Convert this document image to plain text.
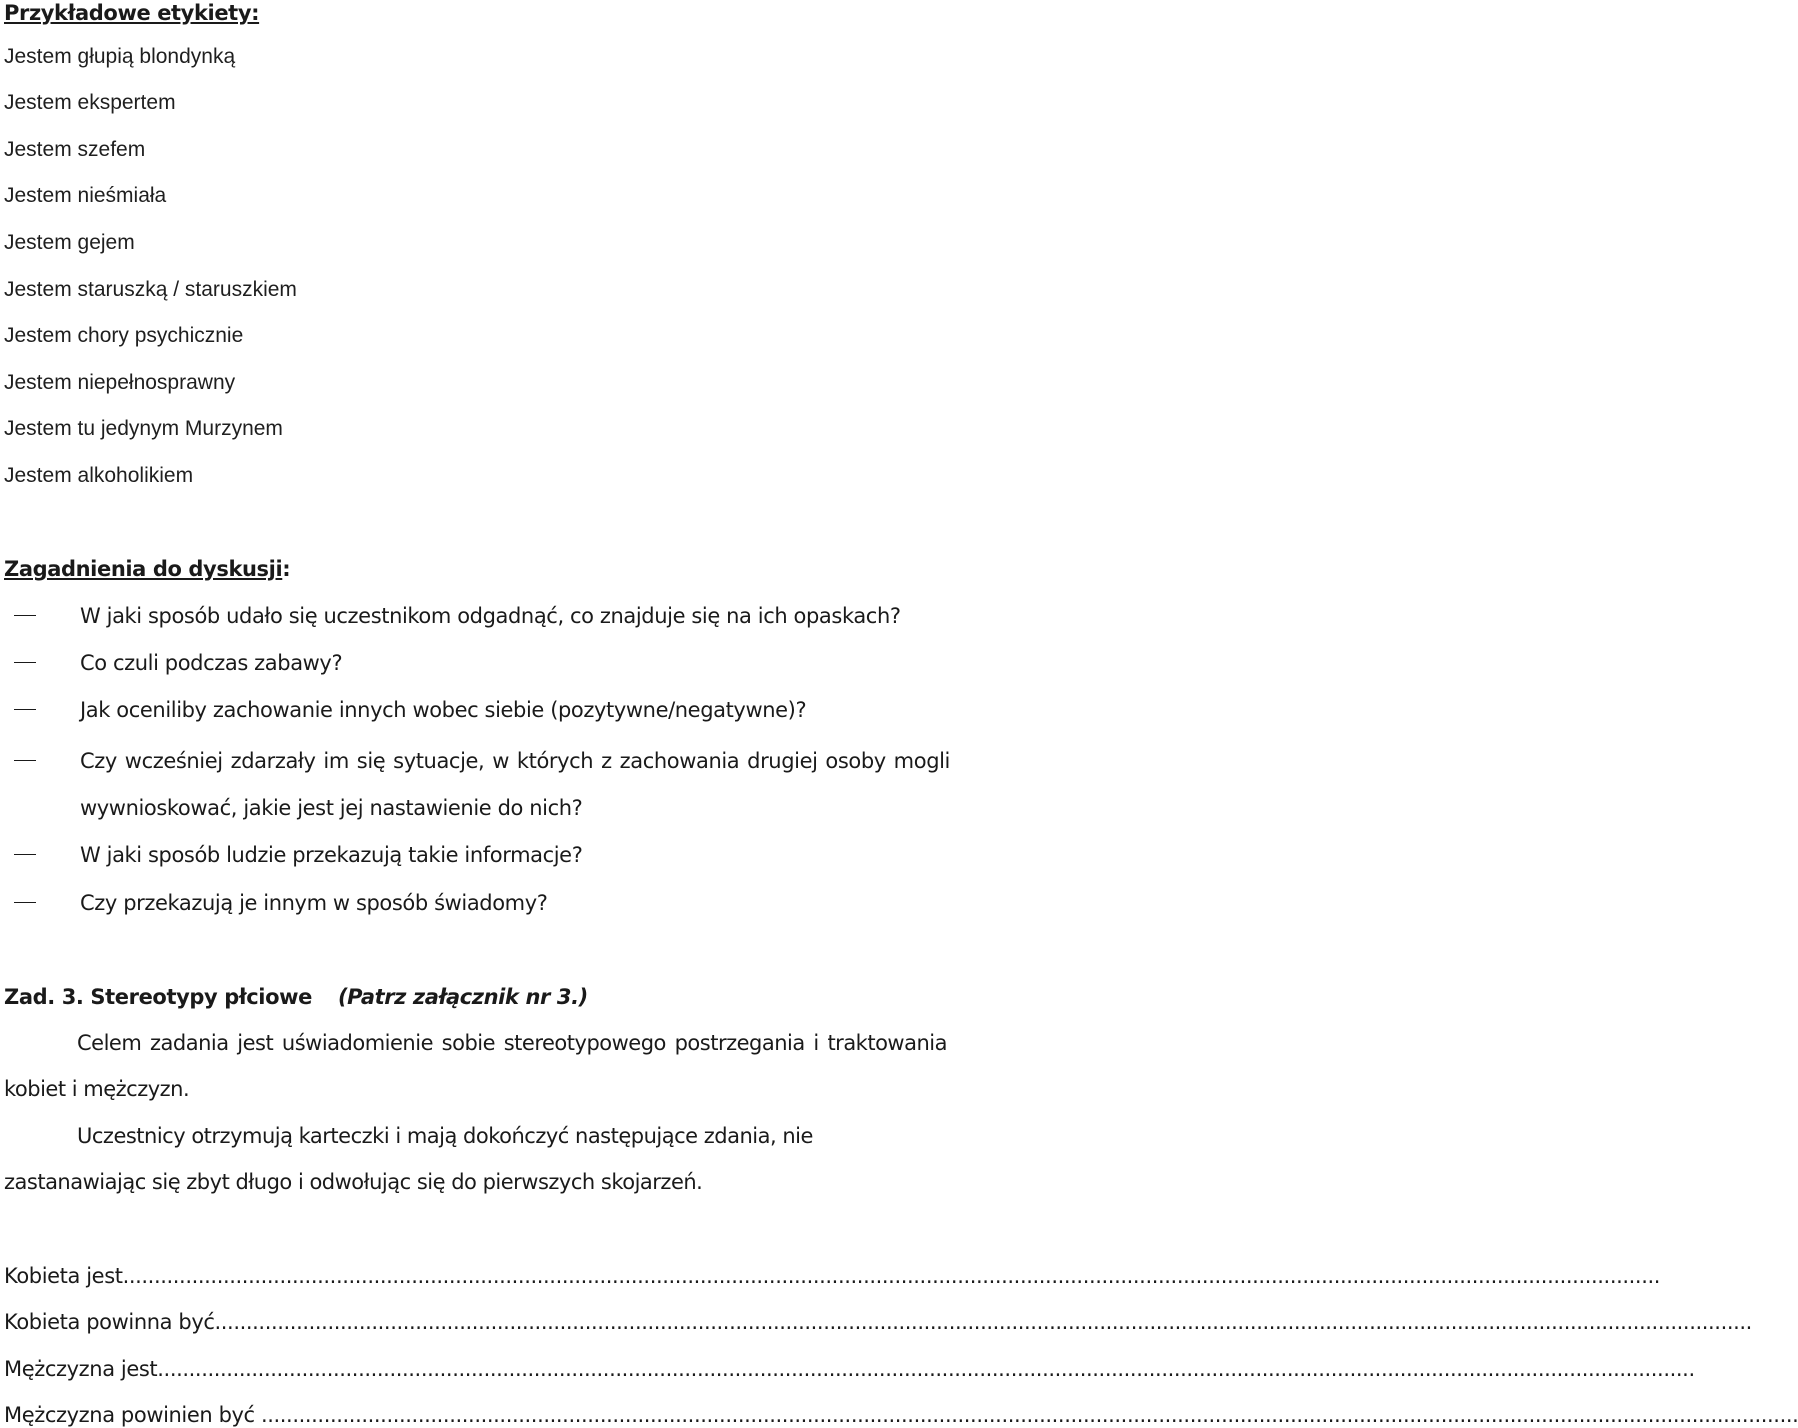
Przykładowe etykiety:
Jestem głupią blondynką
Jestem ekspertem
Jestem szefem
Jestem nieśmiała
Jestem gejem
Jestem staruszką / staruszkiem
Jestem chory psychicznie
Jestem niepełnosprawny
Jestem tu jedynym Murzynem
Jestem alkoholikiem
Zagadnienia do dyskusji:
W jaki sposób udało się uczestnikom odgadnąć, co znajduje się na ich opaskach?
Co czuli podczas zabawy?
Jak oceniliby zachowanie innych wobec siebie (pozytywne/negatywne)?
Czy wcześniej zdarzały im się sytuacje, w których z zachowania drugiej osoby mogli
wywnioskować, jakie jest jej nastawienie do nich?
W jaki sposób ludzie przekazują takie informacje?
Czy przekazują je innym w sposób świadomy?
Zad. 3. Stereotypy płciowe (Patrz załącznik nr 3.)
Celem zadania jest uświadomienie sobie stereotypowego postrzegania i traktowania
kobiet i mężczyzn.
Uczestnicy otrzymują karteczki i mają dokończyć następujące zdania, nie
zastanawiając się zbyt długo i odwołując się do pierwszych skojarzeń.
Kobieta jest .....................................................................................................................................................................................................................................................
Kobieta powinna być .....................................................................................................................................................................................................................................................
Mężczyzna jest .....................................................................................................................................................................................................................................................
Mężczyzna powinien być .....................................................................................................................................................................................................................................................
